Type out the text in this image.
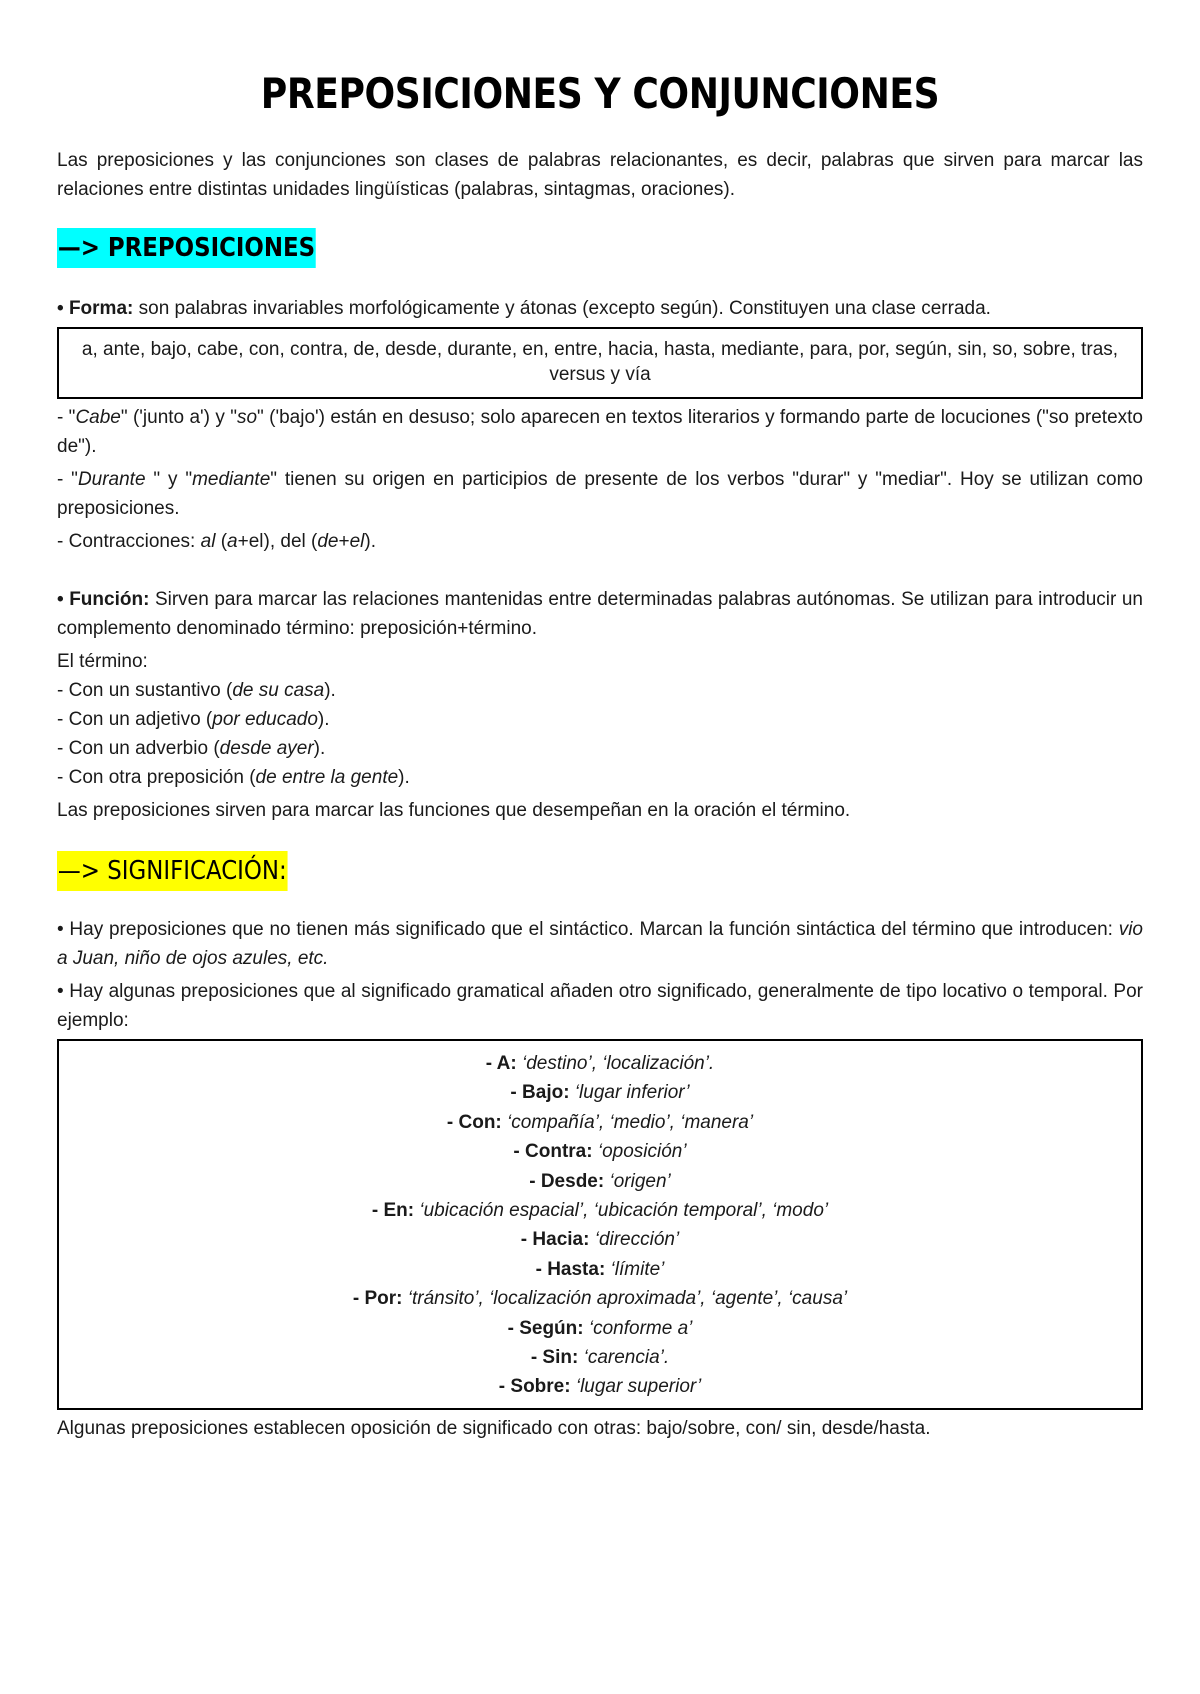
PREPOSICIONES Y CONJUNCIONES

Las preposiciones y las conjunciones son clases de palabras relacionantes, es decir, palabras que sirven para marcar las relaciones entre distintas unidades lingüísticas (palabras, sintagmas, oraciones).

—> PREPOSICIONES

• Forma: son palabras invariables morfológicamente y átonas (excepto según). Constituyen una clase cerrada.

a, ante, bajo, cabe, con, contra, de, desde, durante, en, entre, hacia, hasta, mediante, para, por, según, sin, so, sobre, tras, versus y vía

- "Cabe" ('junto a') y "so" ('bajo') están en desuso; solo aparecen en textos literarios y formando parte de locuciones ("so pretexto de").

- "Durante " y "mediante" tienen su origen en participios de presente de los verbos "durar" y "mediar". Hoy se utilizan como preposiciones.

- Contracciones: al (a+el), del (de+el).

• Función: Sirven para marcar las relaciones mantenidas entre determinadas palabras autónomas. Se utilizan para introducir un complemento denominado término: preposición+término.

El término:

- Con un sustantivo (de su casa).

- Con un adjetivo (por educado).

- Con un adverbio (desde ayer).

- Con otra preposición (de entre la gente).

Las preposiciones sirven para marcar las funciones que desempeñan en la oración el término.

—> SIGNIFICACIÓN:

• Hay preposiciones que no tienen más significado que el sintáctico. Marcan la función sintáctica del término que introducen: vio a Juan, niño de ojos azules, etc.

• Hay algunas preposiciones que al significado gramatical añaden otro significado, generalmente de tipo locativo o temporal. Por ejemplo:

- A: ‘destino’, ‘localización’.
- Bajo: ‘lugar inferior’
- Con: ‘compañía’, ‘medio’, ‘manera’
- Contra: ‘oposición’
- Desde: ‘origen’
- En: ‘ubicación espacial’, ‘ubicación temporal’, ‘modo’
- Hacia: ‘dirección’
- Hasta: ‘límite’
- Por: ‘tránsito’, ‘localización aproximada’, ‘agente’, ‘causa’
- Según: ‘conforme a’
- Sin: ‘carencia’.
- Sobre: ‘lugar superior’

Algunas preposiciones establecen oposición de significado con otras: bajo/sobre, con/ sin, desde/hasta.
